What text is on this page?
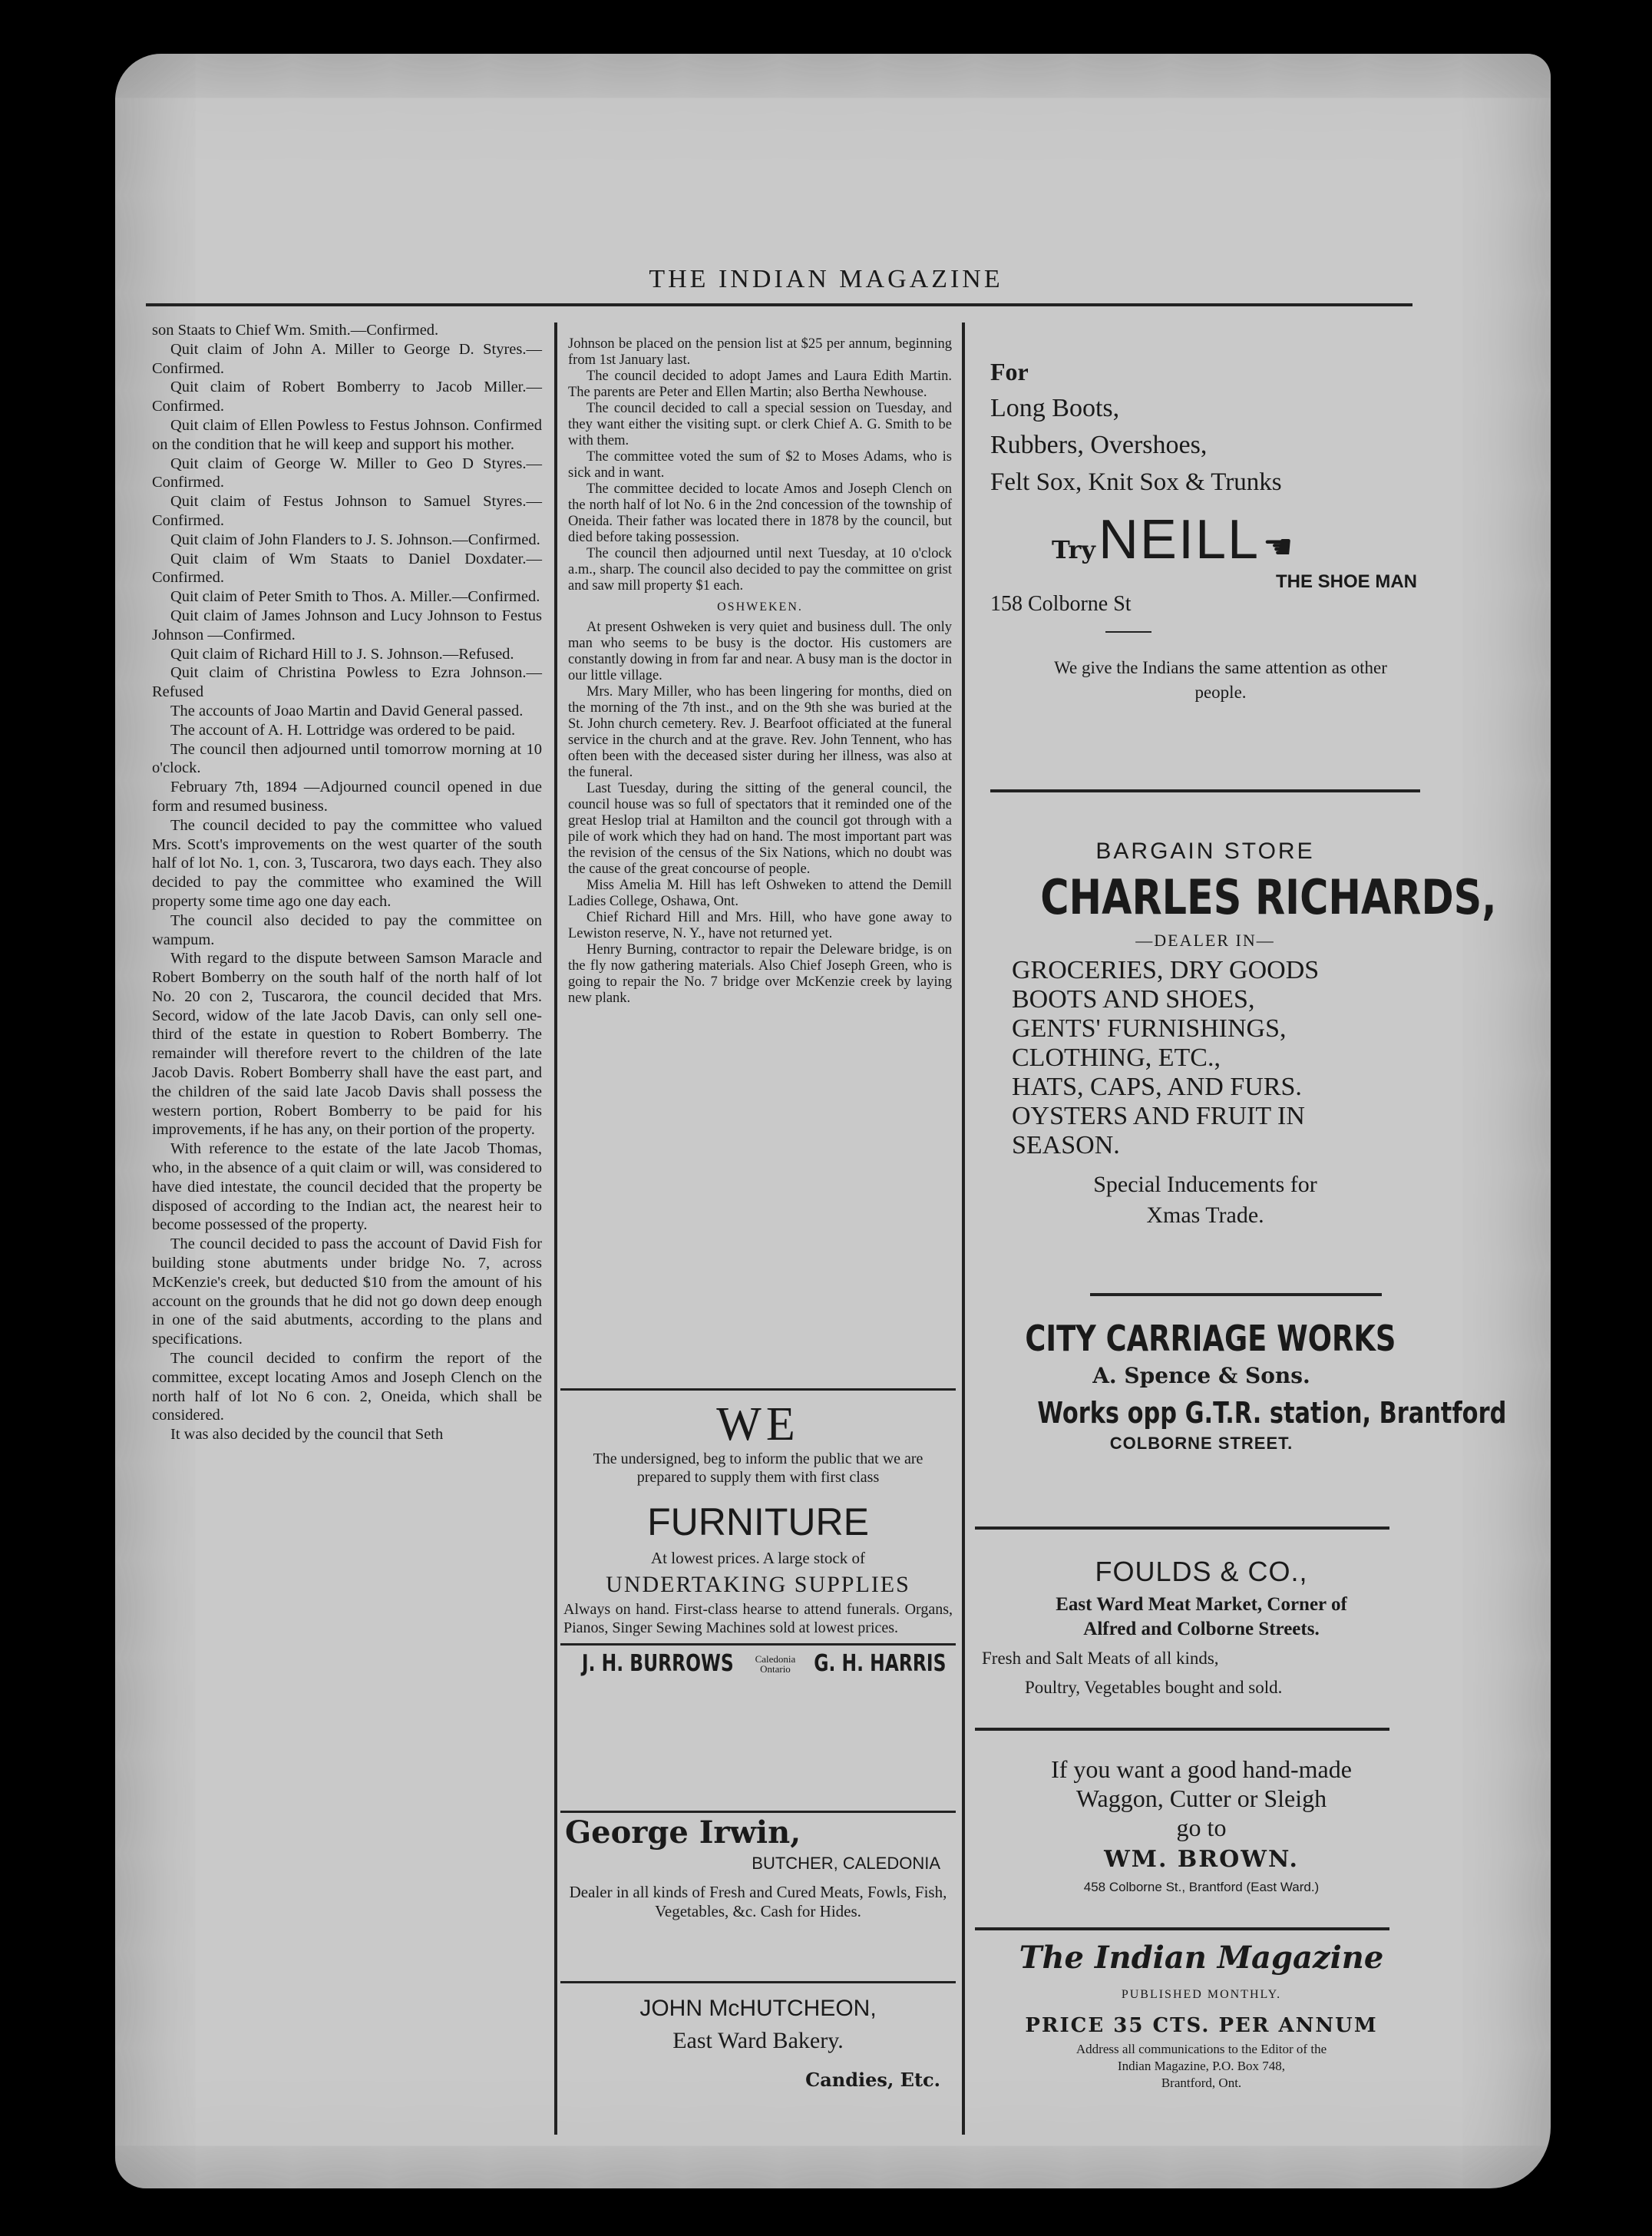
THE INDIAN MAGAZINE

son Staats to Chief Wm. Smith.—Confirmed.

Quit claim of John A. Miller to George D. Styres.—Confirmed.

Quit claim of Robert Bomberry to Jacob Miller.—Confirmed.

Quit claim of Ellen Powless to Festus Johnson. Confirmed on the condition that he will keep and support his mother.

Quit claim of George W. Miller to Geo D Styres.—Confirmed.

Quit claim of Festus Johnson to Samuel Styres.—Confirmed.

Quit claim of John Flanders to J. S. Johnson.—Confirmed.

Quit claim of Wm Staats to Daniel Doxdater.—Confirmed.

Quit claim of Peter Smith to Thos. A. Miller.—Confirmed.

Quit claim of James Johnson and Lucy Johnson to Festus Johnson —Confirmed.

Quit claim of Richard Hill to J. S. Johnson.—Refused.

Quit claim of Christina Powless to Ezra Johnson.—Refused

The accounts of Joao Martin and David General passed.

The account of A. H. Lottridge was ordered to be paid.

The council then adjourned until tomorrow morning at 10 o'clock.

February 7th, 1894 —Adjourned council opened in due form and resumed business.

The council decided to pay the committee who valued Mrs. Scott's improvements on the west quarter of the south half of lot No. 1, con. 3, Tuscarora, two days each. They also decided to pay the committee who examined the Will property some time ago one day each.

The council also decided to pay the committee on wampum.

With regard to the dispute between Samson Maracle and Robert Bomberry on the south half of the north half of lot No. 20 con 2, Tuscarora, the council decided that Mrs. Secord, widow of the late Jacob Davis, can only sell one-third of the estate in question to Robert Bomberry. The remainder will therefore revert to the children of the late Jacob Davis. Robert Bomberry shall have the east part, and the children of the said late Jacob Davis shall possess the western portion, Robert Bomberry to be paid for his improvements, if he has any, on their portion of the property.

With reference to the estate of the late Jacob Thomas, who, in the absence of a quit claim or will, was considered to have died intestate, the council decided that the property be disposed of according to the Indian act, the nearest heir to become possessed of the property.

The council decided to pass the account of David Fish for building stone abutments under bridge No. 7, across McKenzie's creek, but deducted $10 from the amount of his account on the grounds that he did not go down deep enough in one of the said abutments, according to the plans and specifications.

The council decided to confirm the report of the committee, except locating Amos and Joseph Clench on the north half of lot No 6 con. 2, Oneida, which shall be considered.

It was also decided by the council that Seth

Johnson be placed on the pension list at $25 per annum, beginning from 1st January last.

The council decided to adopt James and Laura Edith Martin. The parents are Peter and Ellen Martin; also Bertha Newhouse.

The council decided to call a special session on Tuesday, and they want either the visiting supt. or clerk Chief A. G. Smith to be with them.

The committee voted the sum of $2 to Moses Adams, who is sick and in want.

The committee decided to locate Amos and Joseph Clench on the north half of lot No. 6 in the 2nd concession of the township of Oneida. Their father was located there in 1878 by the council, but died before taking possession.

The council then adjourned until next Tuesday, at 10 o'clock a.m., sharp. The council also decided to pay the committee on grist and saw mill property $1 each.

OSHWEKEN.

At present Oshweken is very quiet and business dull. The only man who seems to be busy is the doctor. His customers are constantly dowing in from far and near. A busy man is the doctor in our little village.

Mrs. Mary Miller, who has been lingering for months, died on the morning of the 7th inst., and on the 9th she was buried at the St. John church cemetery. Rev. J. Bearfoot officiated at the funeral service in the church and at the grave. Rev. John Tennent, who has often been with the deceased sister during her illness, was also at the funeral.

Last Tuesday, during the sitting of the general council, the council house was so full of spectators that it reminded one of the great Heslop trial at Hamilton and the council got through with a pile of work which they had on hand. The most important part was the revision of the census of the Six Nations, which no doubt was the cause of the great concourse of people.

Miss Amelia M. Hill has left Oshweken to attend the Demill Ladies College, Oshawa, Ont.

Chief Richard Hill and Mrs. Hill, who have gone away to Lewiston reserve, N. Y., have not returned yet.

Henry Burning, contractor to repair the Deleware bridge, is on the fly now gathering materials. Also Chief Joseph Green, who is going to repair the No. 7 bridge over McKenzie creek by laying new plank.

WE
The undersigned, beg to inform the public that we are prepared to supply them with first class
FURNITURE
At lowest prices. A large stock of
UNDERTAKING SUPPLIES
Always on hand. First-class hearse to attend funerals. Organs, Pianos, Singer Sewing Machines sold at lowest prices.
J. H. BURROWS Caledonia
Ontario G. H. HARRIS
George Irwin,
BUTCHER, CALEDONIA
Dealer in all kinds of Fresh and Cured Meats, Fowls, Fish, Vegetables, &c. Cash for Hides.
JOHN McHUTCHEON,
East Ward Bakery.
Candies, Etc.
For
Long Boots,
Rubbers, Overshoes,
Felt Sox, Knit Sox & Trunks
Try NEILL ☚
THE SHOE MAN
158 Colborne St
We give the Indians the same attention as other people.
BARGAIN STORE
CHARLES RICHARDS,
—DEALER IN—
GROCERIES, DRY GOODS
BOOTS AND SHOES,
GENTS' FURNISHINGS,
CLOTHING, ETC.,
HATS, CAPS, AND FURS.
OYSTERS AND FRUIT IN
SEASON.
Special Inducements for
Xmas Trade.
CITY CARRIAGE WORKS
A. Spence & Sons.
Works opp G.T.R. station, Brantford
COLBORNE STREET.
FOULDS & CO.,
East Ward Meat Market, Corner of
Alfred and Colborne Streets.
Fresh and Salt Meats of all kinds,
Poultry, Vegetables bought and sold.
If you want a good hand-made
Waggon, Cutter or Sleigh
go to
WM. BROWN.
458 Colborne St., Brantford (East Ward.)
The Indian Magazine
PUBLISHED MONTHLY.
PRICE 35 CTS. PER ANNUM
Address all communications to the Editor of the
Indian Magazine, P.O. Box 748,
Brantford, Ont.
